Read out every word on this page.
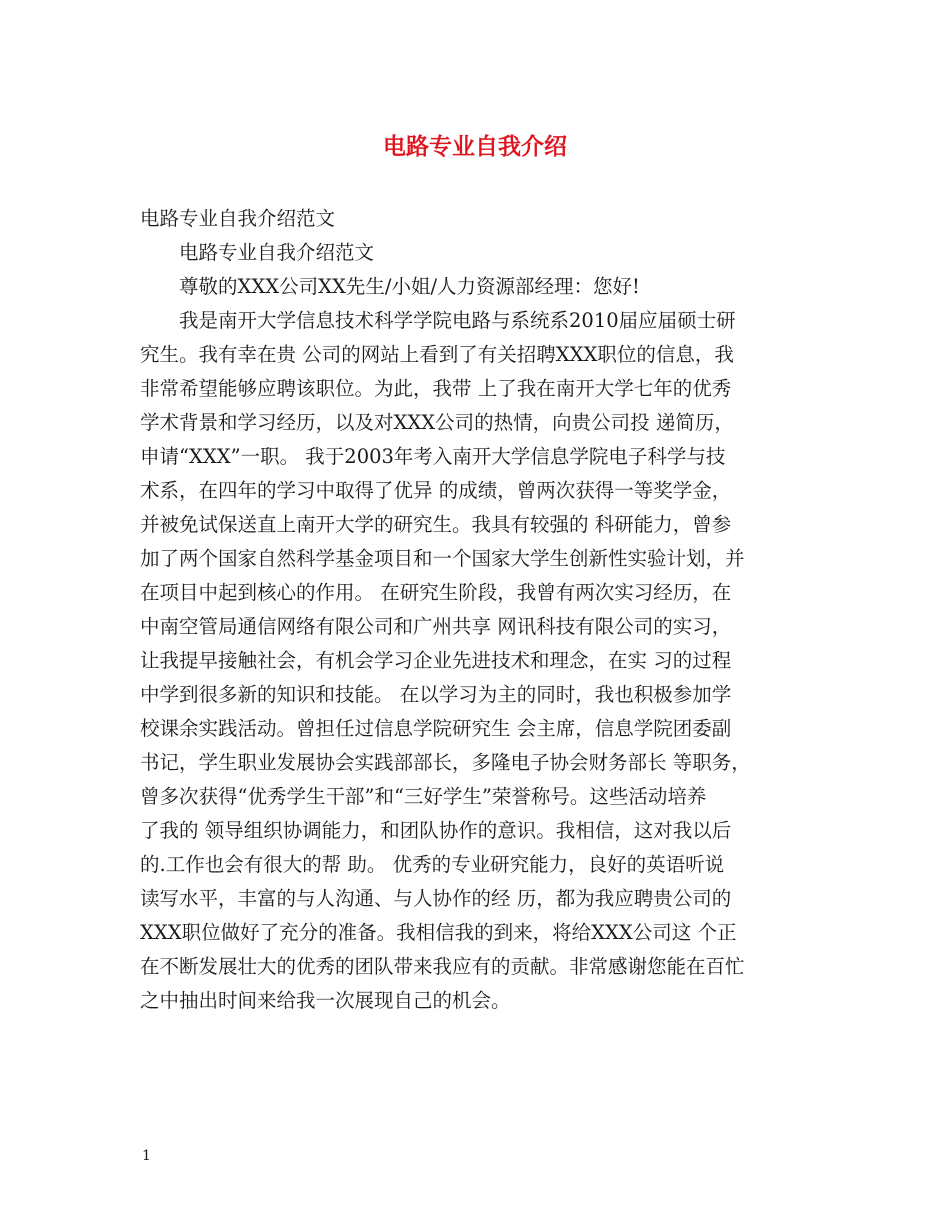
电路专业自我介绍
电路专业自我介绍范文
电路专业自我介绍范文
尊敬的XXX公司XX先生/小姐/人力资源部经理：您好!
我是南开大学信息技术科学学院电路与系统系2010届应届硕士研
究生。我有幸在贵 公司的网站上看到了有关招聘XXX职位的信息，我
非常希望能够应聘该职位。为此，我带 上了我在南开大学七年的优秀
学术背景和学习经历，以及对XXX公司的热情，向贵公司投 递简历，
申请“XXX”一职。 我于2003年考入南开大学信息学院电子科学与技
术系，在四年的学习中取得了优异 的成绩，曾两次获得一等奖学金，
并被免试保送直上南开大学的研究生。我具有较强的 科研能力，曾参
加了两个国家自然科学基金项目和一个国家大学生创新性实验计划，并
在项目中起到核心的作用。 在研究生阶段，我曾有两次实习经历，在
中南空管局通信网络有限公司和广州共享 网讯科技有限公司的实习，
让我提早接触社会，有机会学习企业先进技术和理念，在实 习的过程
中学到很多新的知识和技能。 在以学习为主的同时，我也积极参加学
校课余实践活动。曾担任过信息学院研究生 会主席，信息学院团委副
书记，学生职业发展协会实践部部长，多隆电子协会财务部长 等职务，
曾多次获得“优秀学生干部”和“三好学生”荣誉称号。这些活动培养
了我的 领导组织协调能力，和团队协作的意识。我相信，这对我以后
的.工作也会有很大的帮 助。 优秀的专业研究能力，良好的英语听说
读写水平，丰富的与人沟通、与人协作的经 历，都为我应聘贵公司的
XXX职位做好了充分的准备。我相信我的到来，将给XXX公司这 个正
在不断发展壮大的优秀的团队带来我应有的贡献。非常感谢您能在百忙
之中抽出时间来给我一次展现自己的机会。
1
